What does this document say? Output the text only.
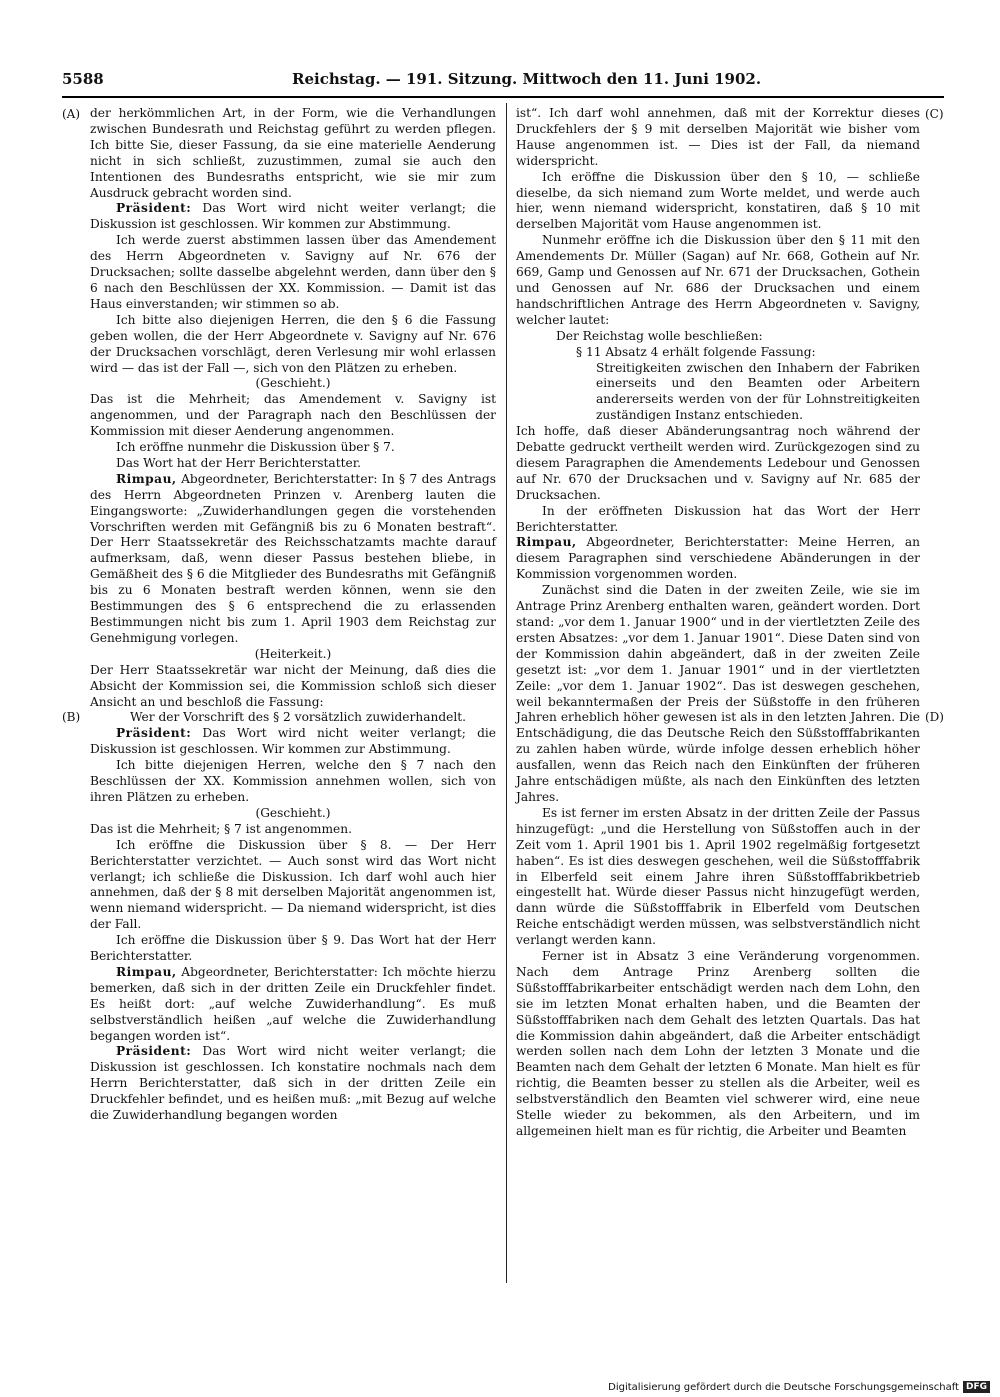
5588	Reichstag. — 191. Sitzung. Mittwoch den 11. Juni 1902.
(A)
(B)
(C)
(D)

der herkömmlichen Art, in der Form, wie die Verhandlungen zwischen Bundesrath und Reichstag geführt zu werden pflegen. Ich bitte Sie, dieser Fassung, da sie eine materielle Aenderung nicht in sich schließt, zuzustimmen, zumal sie auch den Intentionen des Bundesraths entspricht, wie sie mir zum Ausdruck gebracht worden sind.

Präsident: Das Wort wird nicht weiter verlangt; die Diskussion ist geschlossen. Wir kommen zur Abstimmung.

Ich werde zuerst abstimmen lassen über das Amendement des Herrn Abgeordneten v. Savigny auf Nr. 676 der Drucksachen; sollte dasselbe abgelehnt werden, dann über den § 6 nach den Beschlüssen der XX. Kommission. — Damit ist das Haus einverstanden; wir stimmen so ab.

Ich bitte also diejenigen Herren, die den § 6 die Fassung geben wollen, die der Herr Abgeordnete v. Savigny auf Nr. 676 der Drucksachen vorschlägt, deren Verlesung mir wohl erlassen wird — das ist der Fall —, sich von den Plätzen zu erheben.

(Geschieht.)

Das ist die Mehrheit; das Amendement v. Savigny ist angenommen, und der Paragraph nach den Beschlüssen der Kommission mit dieser Aenderung angenommen.

Ich eröffne nunmehr die Diskussion über § 7.

Das Wort hat der Herr Berichterstatter.

Rimpau, Abgeordneter, Berichterstatter: In § 7 des Antrags des Herrn Abgeordneten Prinzen v. Arenberg lauten die Eingangsworte: „Zuwiderhandlungen gegen die vorstehenden Vorschriften werden mit Gefängniß bis zu 6 Monaten bestraft“. Der Herr Staatssekretär des Reichsschatzamts machte darauf aufmerksam, daß, wenn dieser Passus bestehen bliebe, in Gemäßheit des § 6 die Mitglieder des Bundesraths mit Gefängniß bis zu 6 Monaten bestraft werden können, wenn sie den Bestimmungen des § 6 entsprechend die zu erlassenden Bestimmungen nicht bis zum 1. April 1903 dem Reichstag zur Genehmigung vorlegen.

(Heiterkeit.)

Der Herr Staatssekretär war nicht der Meinung, daß dies die Absicht der Kommission sei, die Kommission schloß sich dieser Ansicht an und beschloß die Fassung:

Wer der Vorschrift des § 2 vorsätzlich zuwiderhandelt.

Präsident: Das Wort wird nicht weiter verlangt; die Diskussion ist geschlossen. Wir kommen zur Abstimmung.

Ich bitte diejenigen Herren, welche den § 7 nach den Beschlüssen der XX. Kommission annehmen wollen, sich von ihren Plätzen zu erheben.

(Geschieht.)

Das ist die Mehrheit; § 7 ist angenommen.

Ich eröffne die Diskussion über § 8. — Der Herr Berichterstatter verzichtet. — Auch sonst wird das Wort nicht verlangt; ich schließe die Diskussion. Ich darf wohl auch hier annehmen, daß der § 8 mit derselben Majorität angenommen ist, wenn niemand widerspricht. — Da niemand widerspricht, ist dies der Fall.

Ich eröffne die Diskussion über § 9. Das Wort hat der Herr Berichterstatter.

Rimpau, Abgeordneter, Berichterstatter: Ich möchte hierzu bemerken, daß sich in der dritten Zeile ein Druckfehler findet. Es heißt dort: „auf welche Zuwiderhandlung“. Es muß selbstverständlich heißen „auf welche die Zuwiderhandlung begangen worden ist“.

Präsident: Das Wort wird nicht weiter verlangt; die Diskussion ist geschlossen. Ich konstatire nochmals nach dem Herrn Berichterstatter, daß sich in der dritten Zeile ein Druckfehler befindet, und es heißen muß: „mit Bezug auf welche die Zuwiderhandlung begangen worden

ist“. Ich darf wohl annehmen, daß mit der Korrektur dieses Druckfehlers der § 9 mit derselben Majorität wie bisher vom Hause angenommen ist. — Dies ist der Fall, da niemand widerspricht.

Ich eröffne die Diskussion über den § 10, — schließe dieselbe, da sich niemand zum Worte meldet, und werde auch hier, wenn niemand widerspricht, konstatiren, daß § 10 mit derselben Majorität vom Hause angenommen ist.

Nunmehr eröffne ich die Diskussion über den § 11 mit den Amendements Dr. Müller (Sagan) auf Nr. 668, Gothein auf Nr. 669, Gamp und Genossen auf Nr. 671 der Drucksachen, Gothein und Genossen auf Nr. 686 der Drucksachen und einem handschriftlichen Antrage des Herrn Abgeordneten v. Savigny, welcher lautet:

Der Reichstag wolle beschließen:

§ 11 Absatz 4 erhält folgende Fassung:

Streitigkeiten zwischen den Inhabern der Fabriken einerseits und den Beamten oder Arbeitern andererseits werden von der für Lohnstreitigkeiten zuständigen Instanz entschieden.

Ich hoffe, daß dieser Abänderungsantrag noch während der Debatte gedruckt vertheilt werden wird. Zurückgezogen sind zu diesem Paragraphen die Amendements Ledebour und Genossen auf Nr. 670 der Drucksachen und v. Savigny auf Nr. 685 der Drucksachen.

In der eröffneten Diskussion hat das Wort der Herr Berichterstatter.

Rimpau, Abgeordneter, Berichterstatter: Meine Herren, an diesem Paragraphen sind verschiedene Abänderungen in der Kommission vorgenommen worden.

Zunächst sind die Daten in der zweiten Zeile, wie sie im Antrage Prinz Arenberg enthalten waren, geändert worden. Dort stand: „vor dem 1. Januar 1900“ und in der viertletzten Zeile des ersten Absatzes: „vor dem 1. Januar 1901“. Diese Daten sind von der Kommission dahin abgeändert, daß in der zweiten Zeile gesetzt ist: „vor dem 1. Januar 1901“ und in der viertletzten Zeile: „vor dem 1. Januar 1902“. Das ist deswegen geschehen, weil bekanntermaßen der Preis der Süßstoffe in den früheren Jahren erheblich höher gewesen ist als in den letzten Jahren. Die Entschädigung, die das Deutsche Reich den Süßstofffabrikanten zu zahlen haben würde, würde infolge dessen erheblich höher ausfallen, wenn das Reich nach den Einkünften der früheren Jahre entschädigen müßte, als nach den Einkünften des letzten Jahres.

Es ist ferner im ersten Absatz in der dritten Zeile der Passus hinzugefügt: „und die Herstellung von Süßstoffen auch in der Zeit vom 1. April 1901 bis 1. April 1902 regelmäßig fortgesetzt haben“. Es ist dies deswegen geschehen, weil die Süßstofffabrik in Elberfeld seit einem Jahre ihren Süßstofffabrikbetrieb eingestellt hat. Würde dieser Passus nicht hinzugefügt werden, dann würde die Süßstofffabrik in Elberfeld vom Deutschen Reiche entschädigt werden müssen, was selbstverständlich nicht verlangt werden kann.

Ferner ist in Absatz 3 eine Veränderung vorgenommen. Nach dem Antrage Prinz Arenberg sollten die Süßstofffabrikarbeiter entschädigt werden nach dem Lohn, den sie im letzten Monat erhalten haben, und die Beamten der Süßstofffabriken nach dem Gehalt des letzten Quartals. Das hat die Kommission dahin abgeändert, daß die Arbeiter entschädigt werden sollen nach dem Lohn der letzten 3 Monate und die Beamten nach dem Gehalt der letzten 6 Monate. Man hielt es für richtig, die Beamten besser zu stellen als die Arbeiter, weil es selbstverständlich den Beamten viel schwerer wird, eine neue Stelle wieder zu bekommen, als den Arbeitern, und im allgemeinen hielt man es für richtig, die Arbeiter und Beamten

Digitalisierung gefördert durch die Deutsche Forschungsgemeinschaft DFG
